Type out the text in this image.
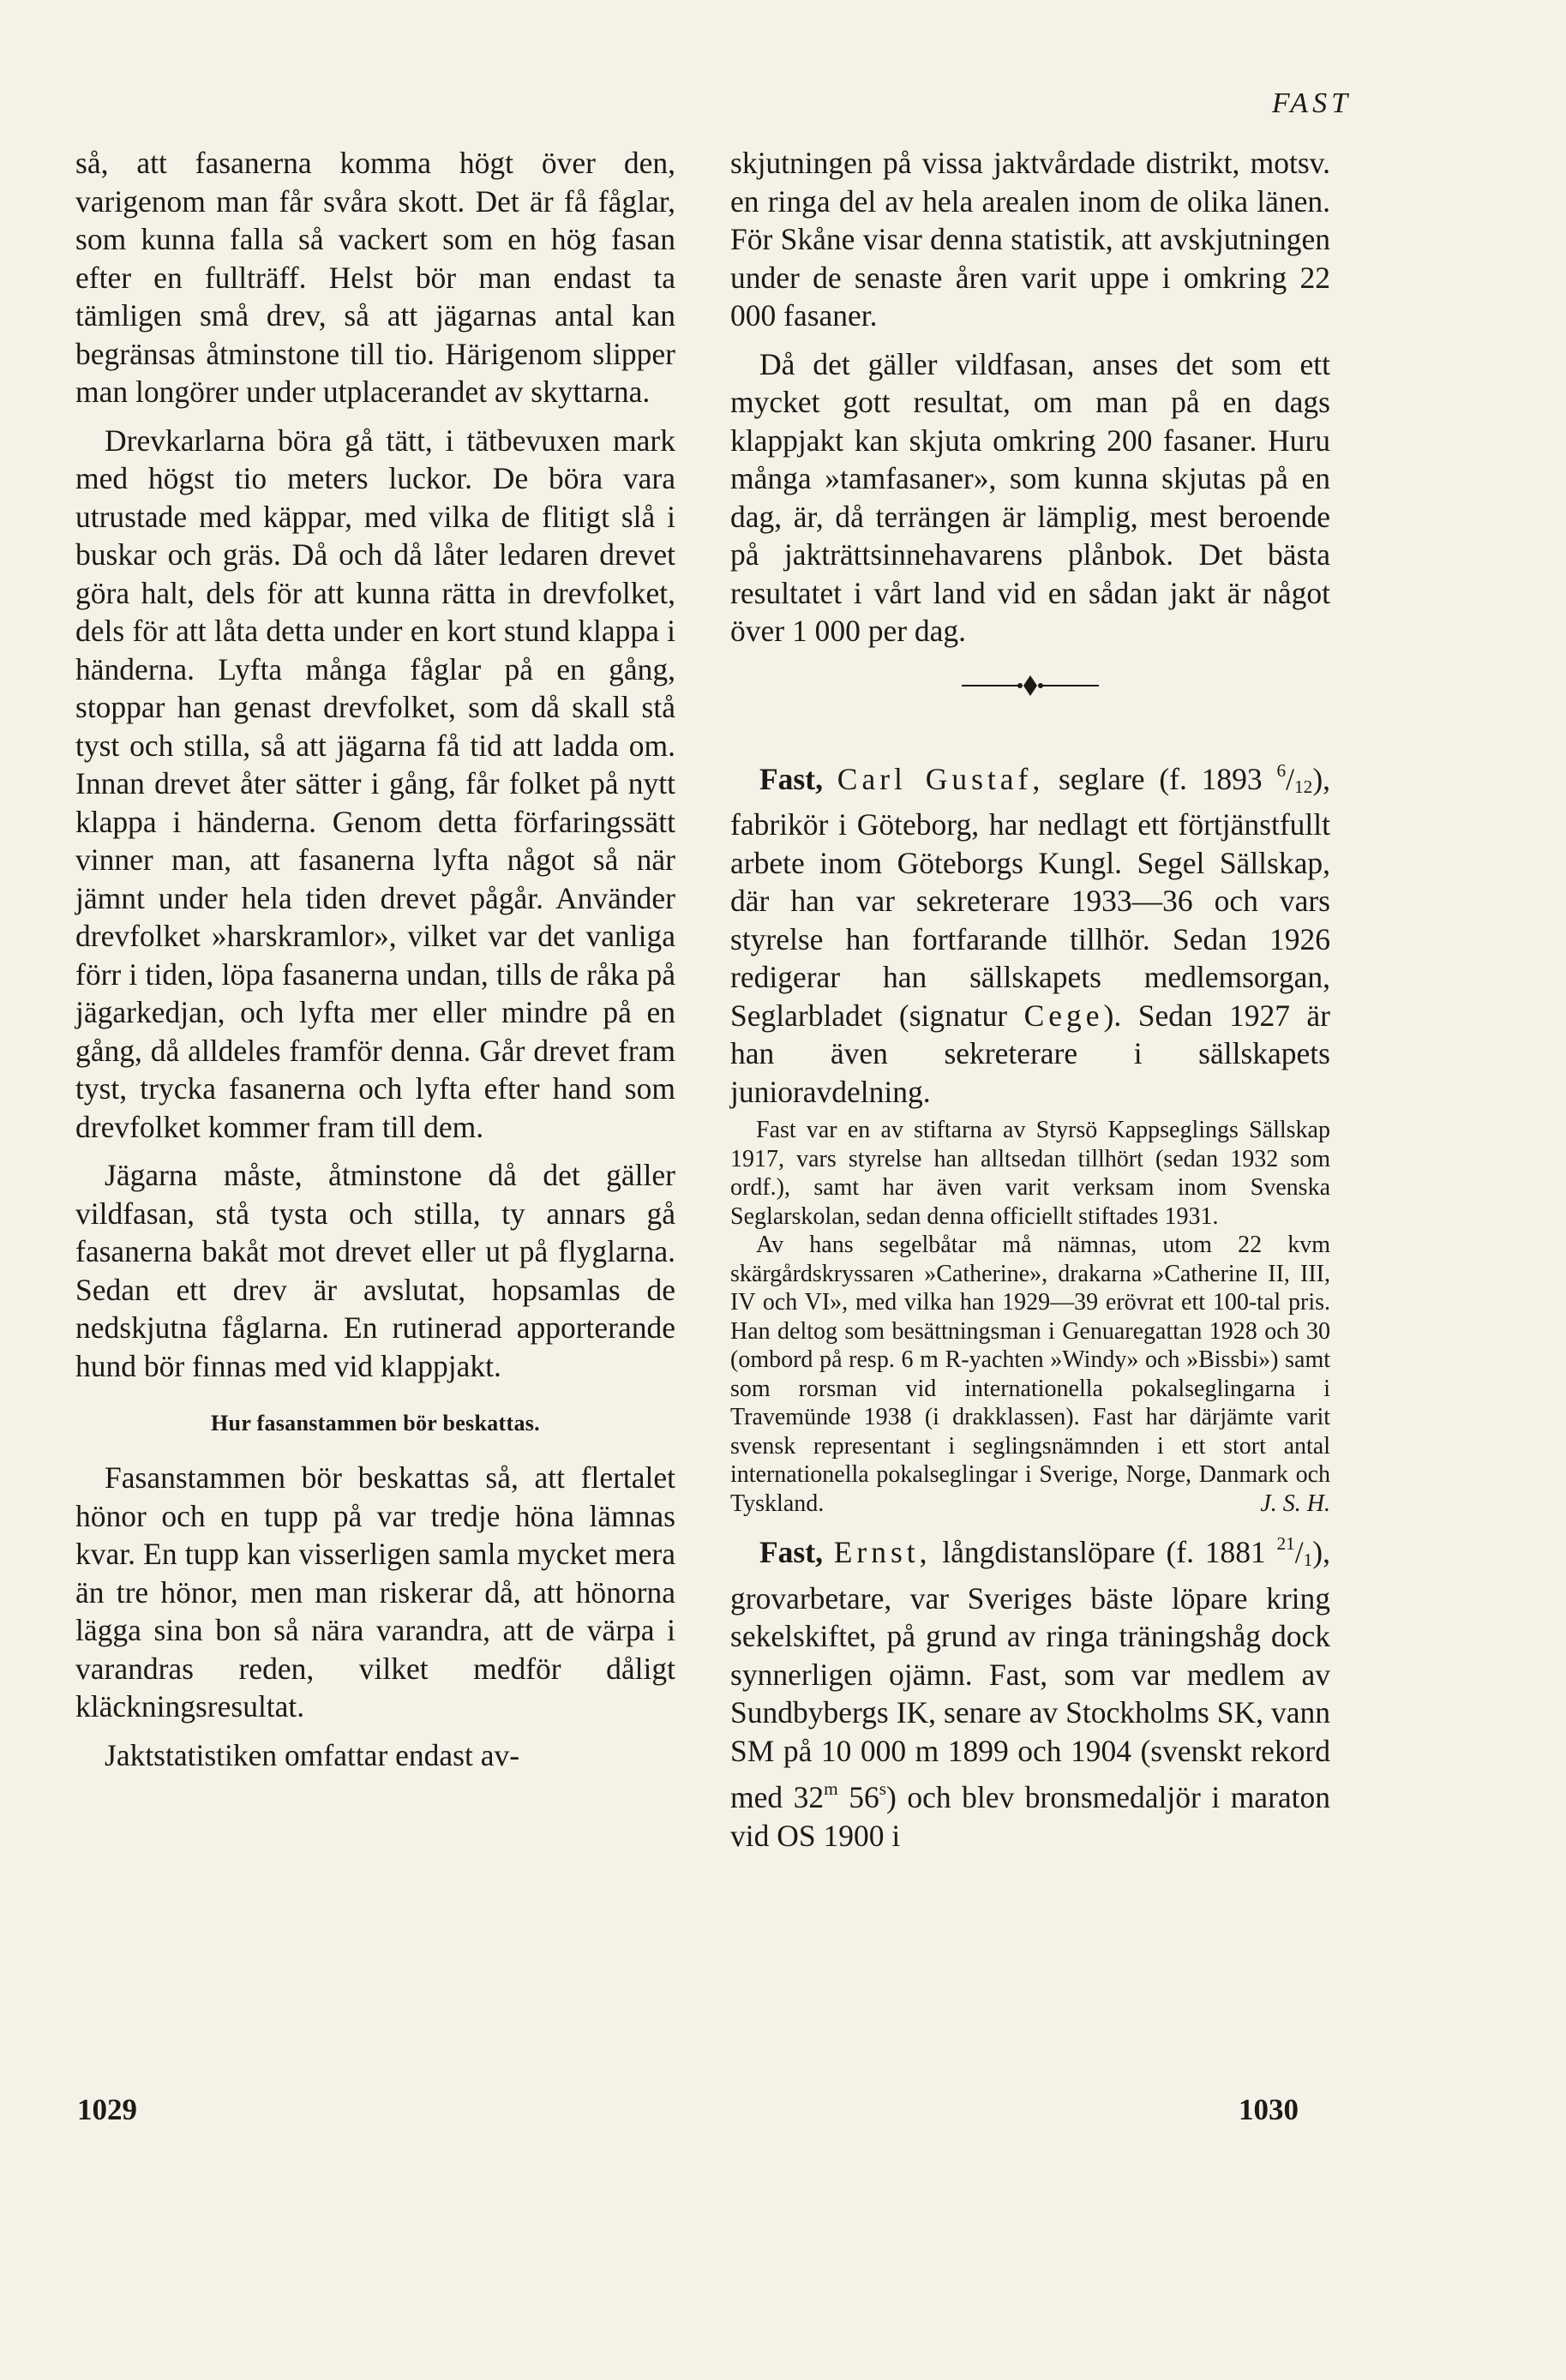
FAST

så, att fasanerna komma högt över den, varigenom man får svåra skott. Det är få fåglar, som kunna falla så vackert som en hög fasan efter en fullträff. Helst bör man endast ta tämligen små drev, så att jägarnas antal kan begränsas åtminstone till tio. Härigenom slipper man longörer under utplacerandet av skyttarna.

Drevkarlarna böra gå tätt, i tätbevuxen mark med högst tio meters luckor. De böra vara utrustade med käppar, med vilka de flitigt slå i buskar och gräs. Då och då låter ledaren drevet göra halt, dels för att kunna rätta in drevfolket, dels för att låta detta under en kort stund klappa i händerna. Lyfta många fåglar på en gång, stoppar han genast drevfolket, som då skall stå tyst och stilla, så att jägarna få tid att ladda om. Innan drevet åter sätter i gång, får folket på nytt klappa i händerna. Genom detta förfaringssätt vinner man, att fasanerna lyfta något så när jämnt under hela tiden drevet pågår. Använder drevfolket »harskramlor», vilket var det vanliga förr i tiden, löpa fasanerna undan, tills de råka på jägarkedjan, och lyfta mer eller mindre på en gång, då alldeles framför denna. Går drevet fram tyst, trycka fasanerna och lyfta efter hand som drevfolket kommer fram till dem.

Jägarna måste, åtminstone då det gäller vildfasan, stå tysta och stilla, ty annars gå fasanerna bakåt mot drevet eller ut på flyglarna. Sedan ett drev är avslutat, hopsamlas de nedskjutna fåglarna. En rutinerad apporterande hund bör finnas med vid klappjakt.

Hur fasanstammen bör beskattas.

Fasanstammen bör beskattas så, att flertalet hönor och en tupp på var tredje höna lämnas kvar. En tupp kan visserligen samla mycket mera än tre hönor, men man riskerar då, att hönorna lägga sina bon så nära varandra, att de värpa i varandras reden, vilket medför dåligt kläckningsresultat.

Jaktstatistiken omfattar endast av-

skjutningen på vissa jaktvårdade distrikt, motsv. en ringa del av hela arealen inom de olika länen. För Skåne visar denna statistik, att avskjutningen under de senaste åren varit uppe i omkring 22 000 fasaner.

Då det gäller vildfasan, anses det som ett mycket gott resultat, om man på en dags klappjakt kan skjuta omkring 200 fasaner. Huru många »tamfasaner», som kunna skjutas på en dag, är, då terrängen är lämplig, mest beroende på jakträttsinnehavarens plånbok. Det bästa resultatet i vårt land vid en sådan jakt är något över 1 000 per dag.

Fast, Carl Gustaf, seglare (f. 1893 $^6$/12), fabrikör i Göteborg, har nedlagt ett förtjänstfullt arbete inom Göteborgs Kungl. Segel Sällskap, där han var sekreterare 1933—36 och vars styrelse han fortfarande tillhör. Sedan 1926 redigerar han sällskapets medlemsorgan, Seglarbladet (signatur Cege). Sedan 1927 är han även sekreterare i sällskapets junioravdelning.

Fast var en av stiftarna av Styrsö Kappseglings Sällskap 1917, vars styrelse han alltsedan tillhört (sedan 1932 som ordf.), samt har även varit verksam inom Svenska Seglarskolan, sedan denna officiellt stiftades 1931.

Av hans segelbåtar må nämnas, utom 22 kvm skärgårdskryssaren »Catherine», drakarna »Catherine II, III, IV och VI», med vilka han 1929—39 erövrat ett 100-tal pris. Han deltog som besättningsman i Genuaregattan 1928 och 30 (ombord på resp. 6 m R-yachten »Windy» och »Bissbi») samt som rorsman vid internationella pokalseglingarna i Travemünde 1938 (i drakklassen). Fast har därjämte varit svensk representant i seglingsnämnden i ett stort antal internationella pokalseglingar i Sverige, Norge, Danmark och Tyskland.	J. S. H.

Fast, Ernst, långdistanslöpare (f. 1881 $^{21}$/1), grovarbetare, var Sveriges bäste löpare kring sekelskiftet, på grund av ringa träningshåg dock synnerligen ojämn. Fast, som var medlem av Sundbybergs IK, senare av Stockholms SK, vann SM på 10 000 m 1899 och 1904 (svenskt rekord med 32$^m$ 56$^s$) och blev bronsmedaljör i maraton vid OS 1900 i

1029	1030
